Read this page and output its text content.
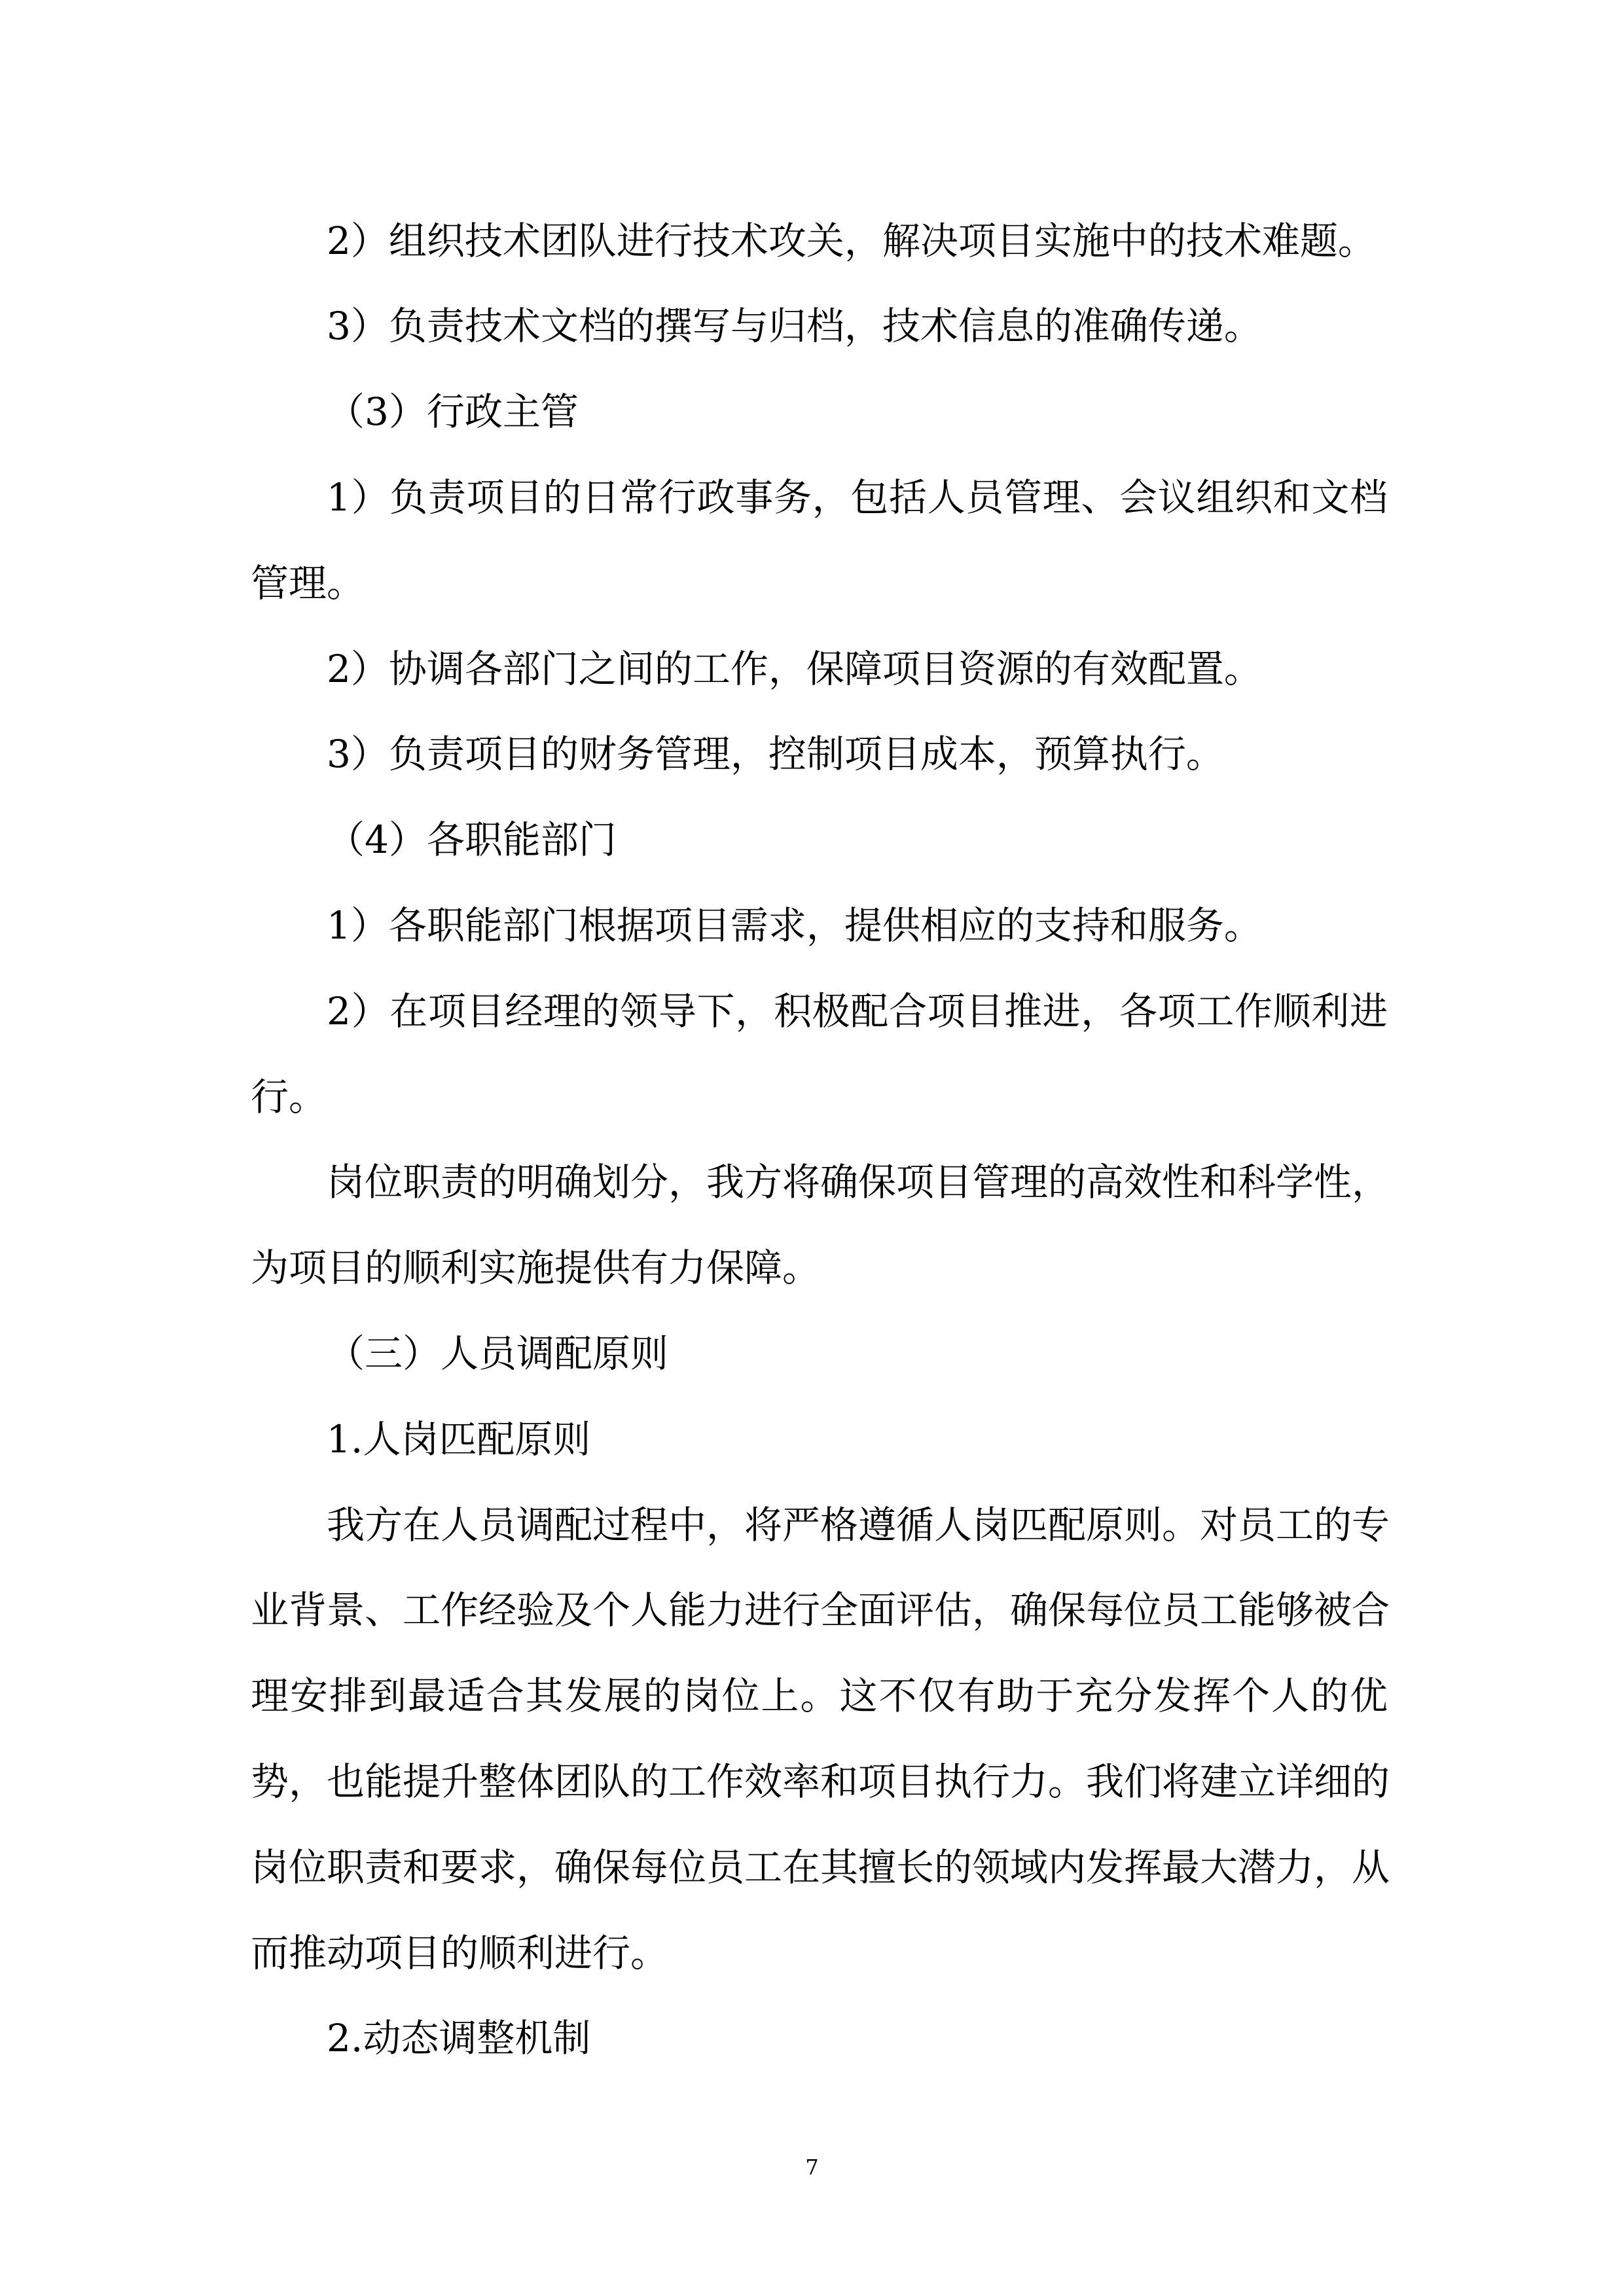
2）组织技术团队进行技术攻关，解决项目实施中的技术难题。
3）负责技术文档的撰写与归档，技术信息的准确传递。
（3）行政主管
1）负责项目的日常行政事务，包括人员管理、会议组织和文档
管理。
2）协调各部门之间的工作，保障项目资源的有效配置。
3）负责项目的财务管理，控制项目成本，预算执行。
（4）各职能部门
1）各职能部门根据项目需求，提供相应的支持和服务。
2）在项目经理的领导下，积极配合项目推进，各项工作顺利进
行。
岗位职责的明确划分，我方将确保项目管理的高效性和科学性，
为项目的顺利实施提供有力保障。
（三）人员调配原则
1.人岗匹配原则
我方在人员调配过程中，将严格遵循人岗匹配原则。对员工的专
业背景、工作经验及个人能力进行全面评估，确保每位员工能够被合
理安排到最适合其发展的岗位上。这不仅有助于充分发挥个人的优
势，也能提升整体团队的工作效率和项目执行力。我们将建立详细的
岗位职责和要求，确保每位员工在其擅长的领域内发挥最大潜力，从
而推动项目的顺利进行。
2.动态调整机制
7
